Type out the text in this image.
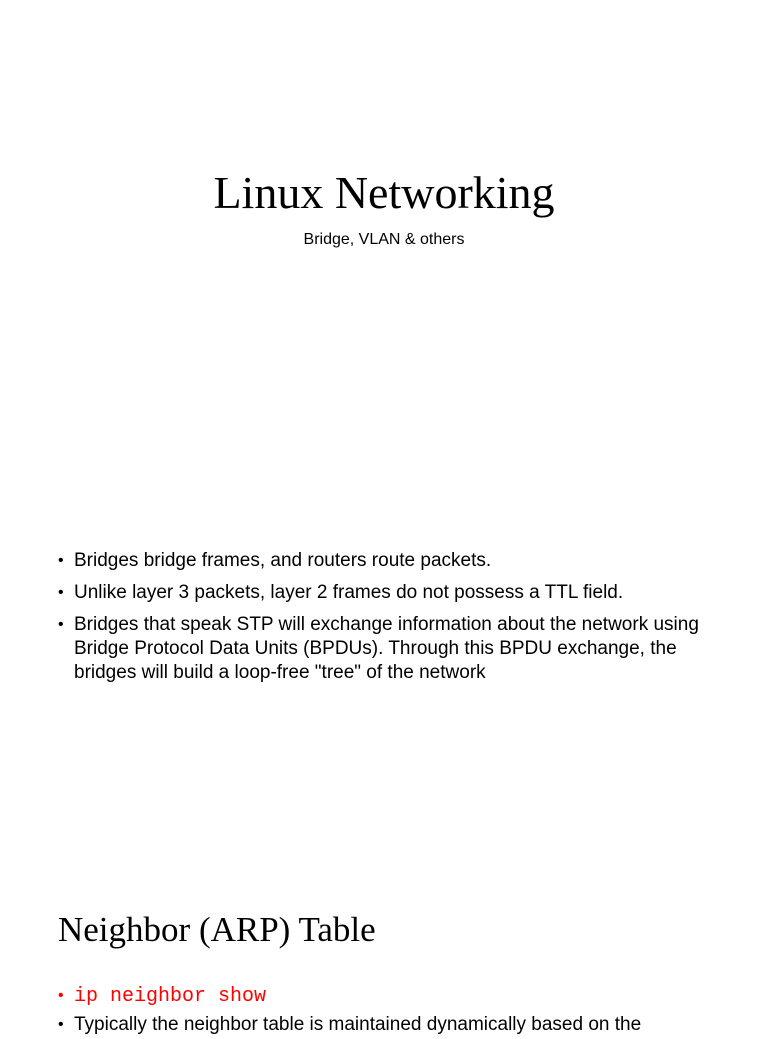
Linux Networking
Bridge, VLAN & others
• Bridges bridge frames, and routers route packets.
• Unlike layer 3 packets, layer 2 frames do not possess a TTL field.
• Bridges that speak STP will exchange information about the network using Bridge Protocol Data Units (BPDUs). Through this BPDU exchange, the bridges will build a loop-free "tree" of the network
Neighbor (ARP) Table
• ip neighbor show
• Typically the neighbor table is maintained dynamically based on the
